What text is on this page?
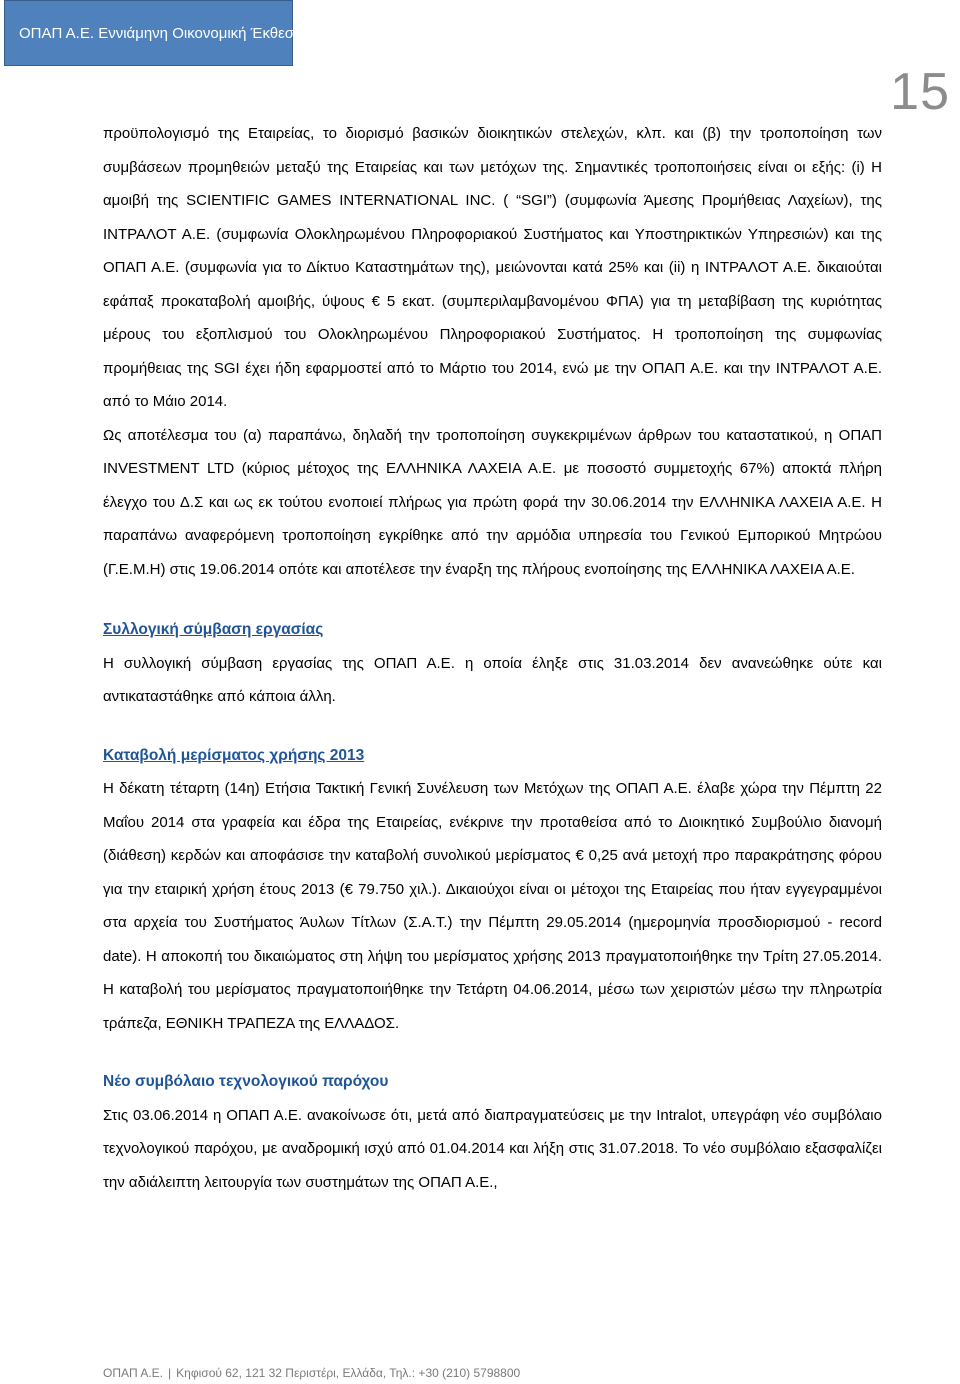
ΟΠΑΠ Α.Ε. Εννιάμηνη Οικονομική Έκθεση 2014
15

προϋπολογισμό της Εταιρείας, το διορισμό βασικών διοικητικών στελεχών, κλπ. και (β) την τροποποίηση των συμβάσεων προμηθειών μεταξύ της Εταιρείας και των μετόχων της. Σημαντικές τροποποιήσεις είναι οι εξής: (i) Η αμοιβή της SCIENTIFIC GAMES INTERNATIONAL INC. ( “SGI”) (συμφωνία Άμεσης Προμήθειας Λαχείων), της ΙΝΤΡΑΛΟΤ Α.Ε. (συμφωνία Ολοκληρωμένου Πληροφοριακού Συστήματος και Υποστηρικτικών Υπηρεσιών) και της ΟΠΑΠ Α.Ε. (συμφωνία για το Δίκτυο Καταστημάτων της), μειώνονται κατά 25% και (ii) η ΙΝΤΡΑΛΟΤ Α.Ε. δικαιούται εφάπαξ προκαταβολή αμοιβής, ύψους € 5 εκατ. (συμπεριλαμβανομένου ΦΠΑ) για τη μεταβίβαση της κυριότητας μέρους του εξοπλισμού του Ολοκληρωμένου Πληροφοριακού Συστήματος. Η τροποποίηση της συμφωνίας προμήθειας της SGI έχει ήδη εφαρμοστεί από το Μάρτιο του 2014, ενώ με την ΟΠΑΠ Α.Ε. και την ΙΝΤΡΑΛΟΤ Α.Ε. από το Μάιο 2014.

Ως αποτέλεσμα του (α) παραπάνω, δηλαδή την τροποποίηση συγκεκριμένων άρθρων του καταστατικού, η ΟΠΑΠ INVESTMENT LTD (κύριος μέτοχος της ΕΛΛΗΝΙΚΑ ΛΑΧΕΙΑ Α.Ε. με ποσοστό συμμετοχής 67%) αποκτά πλήρη έλεγχο του Δ.Σ και ως εκ τούτου ενοποιεί πλήρως για πρώτη φορά την 30.06.2014 την ΕΛΛΗΝΙΚΑ ΛΑΧΕΙΑ Α.Ε. Η παραπάνω αναφερόμενη τροποποίηση εγκρίθηκε από την αρμόδια υπηρεσία του Γενικού Εμπορικού Μητρώου (Γ.Ε.Μ.Η) στις 19.06.2014 οπότε και αποτέλεσε την έναρξη της πλήρους ενοποίησης της ΕΛΛΗΝΙΚΑ ΛΑΧΕΙΑ Α.Ε.

Συλλογική σύμβαση εργασίας

Η συλλογική σύμβαση εργασίας της ΟΠΑΠ Α.Ε. η οποία έληξε στις 31.03.2014 δεν ανανεώθηκε ούτε και αντικαταστάθηκε από κάποια άλλη.

Καταβολή μερίσματος χρήσης 2013

Η δέκατη τέταρτη (14η) Ετήσια Τακτική Γενική Συνέλευση των Μετόχων της ΟΠΑΠ Α.Ε. έλαβε χώρα την Πέμπτη 22 Μαΐου 2014 στα γραφεία και έδρα της Εταιρείας, ενέκρινε την προταθείσα από το Διοικητικό Συμβούλιο διανομή (διάθεση) κερδών και αποφάσισε την καταβολή συνολικού μερίσματος € 0,25 ανά μετοχή προ παρακράτησης φόρου για την εταιρική χρήση έτους 2013 (€ 79.750 χιλ.). Δικαιούχοι είναι οι μέτοχοι της Εταιρείας που ήταν εγγεγραμμένοι στα αρχεία του Συστήματος Άυλων Τίτλων (Σ.Α.Τ.) την Πέμπτη 29.05.2014 (ημερομηνία προσδιορισμού - record date). Η αποκοπή του δικαιώματος στη λήψη του μερίσματος χρήσης 2013 πραγματοποιήθηκε την Τρίτη 27.05.2014. Η καταβολή του μερίσματος πραγματοποιήθηκε την Τετάρτη 04.06.2014, μέσω των χειριστών μέσω την πληρωτρία τράπεζα, ΕΘΝΙΚΗ ΤΡΑΠΕΖΑ της ΕΛΛΑΔΟΣ.

Νέο συμβόλαιο τεχνολογικού παρόχου

Στις 03.06.2014 η ΟΠΑΠ Α.Ε. ανακοίνωσε ότι, μετά από διαπραγματεύσεις με την Intralot, υπεγράφη νέο συμβόλαιο τεχνολογικού παρόχου, με αναδρομική ισχύ από 01.04.2014 και λήξη στις 31.07.2018. Το νέο συμβόλαιο εξασφαλίζει την αδιάλειπτη λειτουργία των συστημάτων της ΟΠΑΠ Α.Ε.,

ΟΠΑΠ Α.Ε. | Κηφισού 62, 121 32 Περιστέρι, Ελλάδα, Τηλ.: +30 (210) 5798800
